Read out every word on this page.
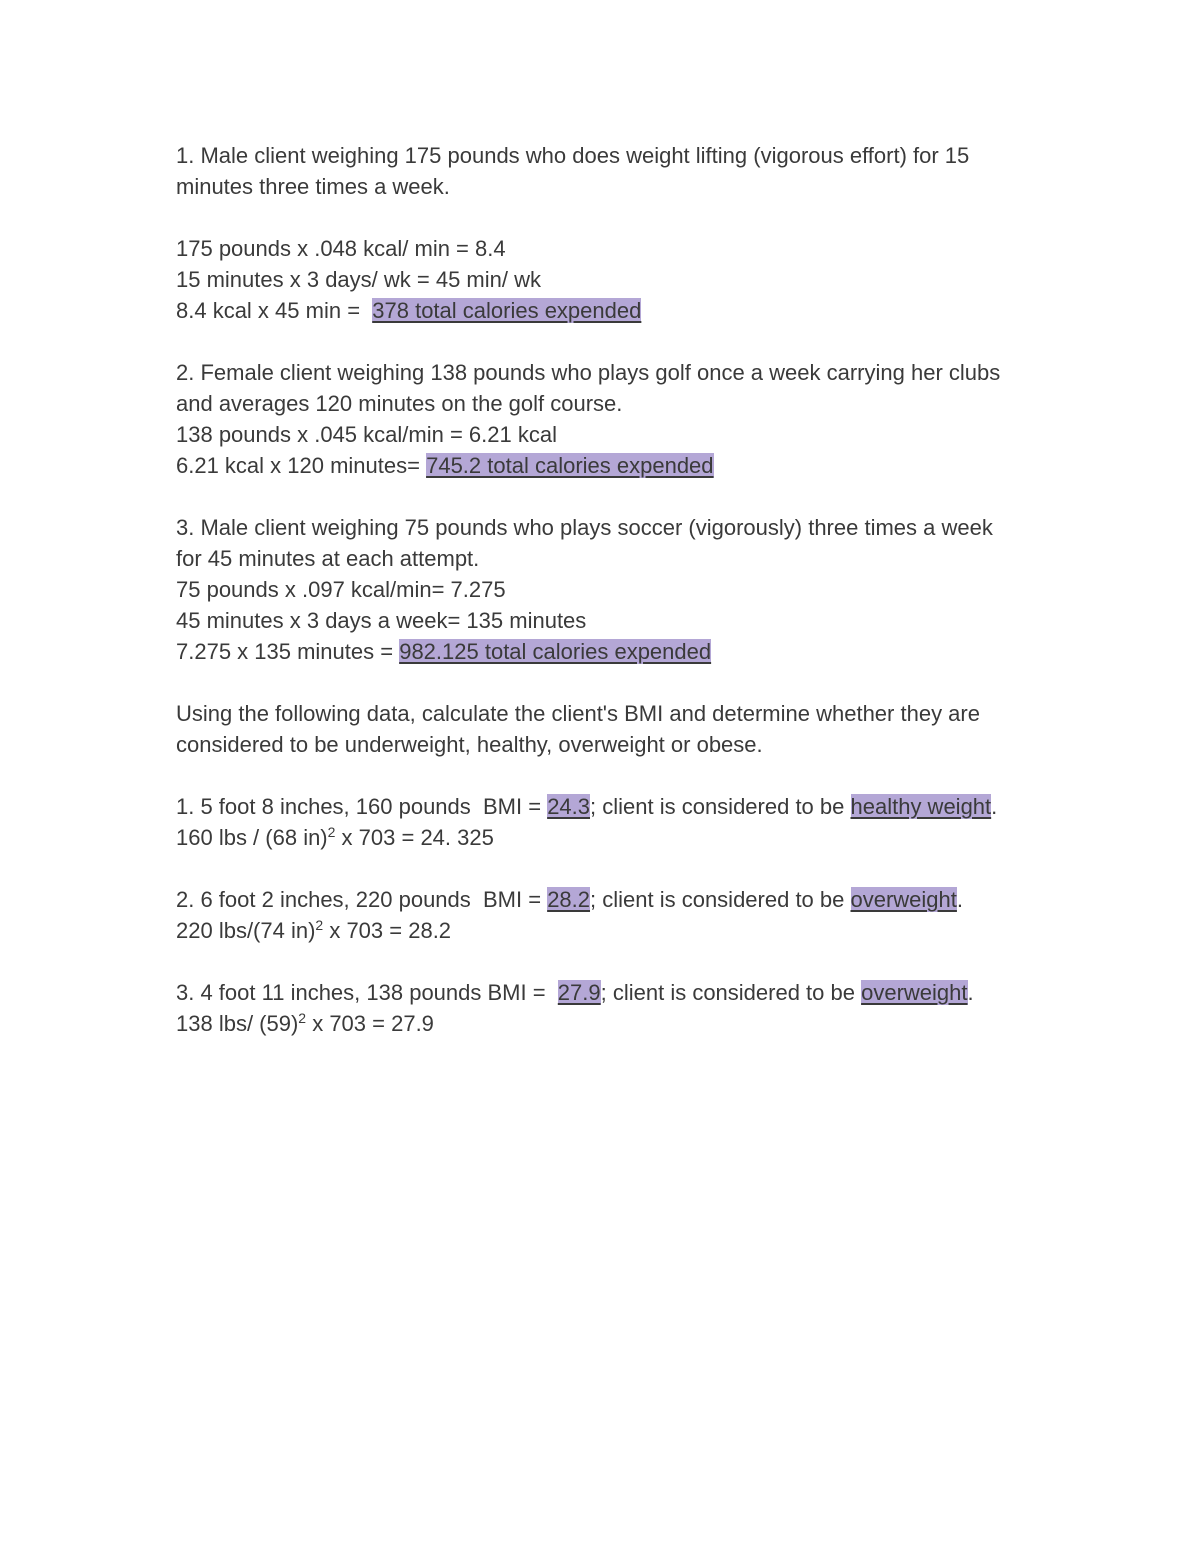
1. Male client weighing 175 pounds who does weight lifting (vigorous effort) for 15
minutes three times a week.
175 pounds x .048 kcal/ min = 8.4
15 minutes x 3 days/ wk = 45 min/ wk
8.4 kcal x 45 min =  378 total calories expended
2. Female client weighing 138 pounds who plays golf once a week carrying her clubs
and averages 120 minutes on the golf course.
138 pounds x .045 kcal/min = 6.21 kcal
6.21 kcal x 120 minutes= 745.2 total calories expended
3. Male client weighing 75 pounds who plays soccer (vigorously) three times a week
for 45 minutes at each attempt.
75 pounds x .097 kcal/min= 7.275
45 minutes x 3 days a week= 135 minutes
7.275 x 135 minutes = 982.125 total calories expended
Using the following data, calculate the client's BMI and determine whether they are
considered to be underweight, healthy, overweight or obese.
1. 5 foot 8 inches, 160 pounds  BMI = 24.3; client is considered to be healthy weight.
160 lbs / (68 in)$^2$ x 703 = 24. 325
2. 6 foot 2 inches, 220 pounds  BMI = 28.2; client is considered to be overweight.
220 lbs/(74 in)$^2$ x 703 = 28.2
3. 4 foot 11 inches, 138 pounds BMI =  27.9; client is considered to be overweight.
138 lbs/ $(59)^2$ x 703 = 27.9
